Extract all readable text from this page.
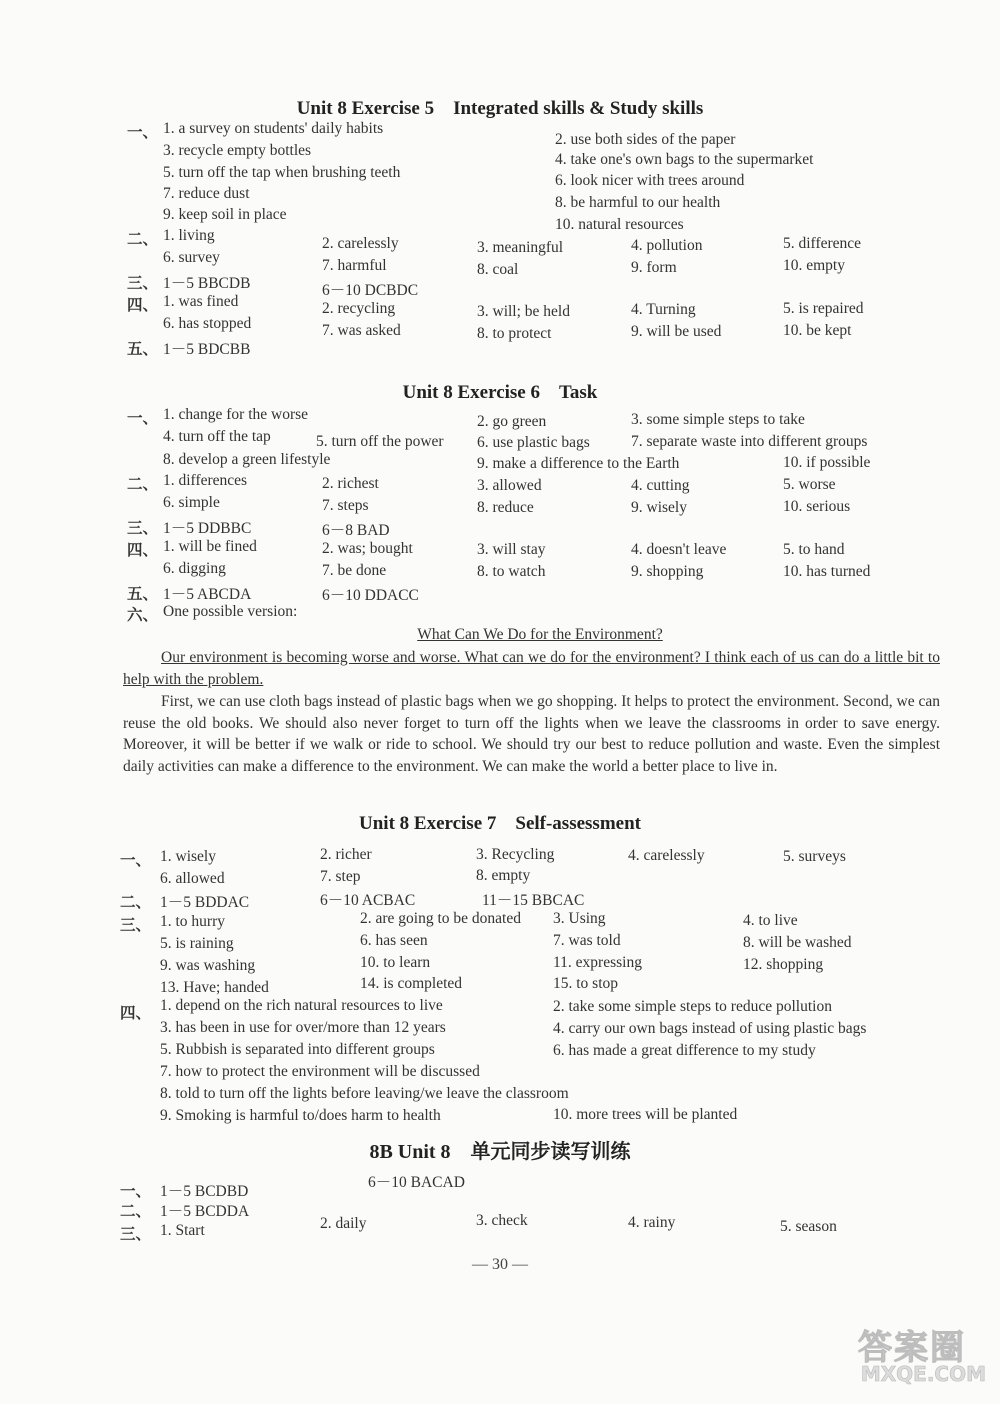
Unit 8 Exercise 5　Integrated skills & Study skills
一、 1. a survey on students' daily habits
2. use both sides of the paper
3. recycle empty bottles
4. take one's own bags to the supermarket
5. turn off the tap when brushing teeth	6. look nicer with trees around
7. reduce dust
8. be harmful to our health
9. keep soil in place
10. natural resources
二、 1. living	2. carelessly	3. meaningful	4. pollution	5. difference
6. survey	7. harmful	8. coal	9. form	10. empty
三、 1－5 BBCDB	6－10 DCBDC
四、 1. was fined	2. recycling	3. will; be held	4. Turning	5. is repaired
6. has stopped	7. was asked	8. to protect	9. will be used	10. be kept
五、 1－5 BDCBB
Unit 8 Exercise 6　Task
一、 1. change for the worse	2. go green	3. some simple steps to take
4. turn off the tap	5. turn off the power 6. use plastic bags	7. separate waste into different groups
8. develop a green lifestyle	9. make a difference to the Earth	10. if possible
二、 1. differences	2. richest	3. allowed	4. cutting	5. worse
6. simple	7. steps	8. reduce	9. wisely	10. serious
三、 1－5 DDBBC	6－8 BAD
四、 1. will be fined	2. was; bought	3. will stay	4. doesn't leave	5. to hand
6. digging	7. be done	8. to watch	9. shopping	10. has turned
五、 1－5 ABCDA	6－10 DDACC
六、 One possible version:
What Can We Do for the Environment?
Our environment is becoming worse and worse. What can we do for the environment? I think each of us can do a little bit to help with the problem.
First, we can use cloth bags instead of plastic bags when we go shopping. It helps to protect the environment. Second, we can reuse the old books. We should also never forget to turn off the lights when we leave the classrooms in order to save energy. Moreover, it will be better if we walk or ride to school. We should try our best to reduce pollution and waste. Even the simplest daily activities can make a difference to the environment. We can make the world a better place to live in.
Unit 8 Exercise 7　Self-assessment
一、 1. wisely	2. richer	3. Recycling	4. carelessly	5. surveys
6. allowed	7. step	8. empty
二、 1－5 BDDAC	6－10 ACBAC	11－15 BBCAC
三、 1. to hurry	2. are going to be donated 3. Using	4. to live
5. is raining	6. has seen	7. was told	8. will be washed
9. was washing	10. to learn	11. expressing	12. shopping
13. Have; handed	14. is completed	15. to stop
四、 1. depend on the rich natural resources to live	2. take some simple steps to reduce pollution
3. has been in use for over/more than 12 years	4. carry our own bags instead of using plastic bags
5. Rubbish is separated into different groups	6. has made a great difference to my study
7. how to protect the environment will be discussed
8. told to turn off the lights before leaving/we leave the classroom
9. Smoking is harmful to/does harm to health	10. more trees will be planted
8B Unit 8　单元同步读写训练
一、 1－5 BCDBD
6－10 BACAD
二、 1－5 BCDDA
三、 1. Start	2. daily	3. check	4. rainy	5. season
— 30 —
答案圈
MXQE.COM
